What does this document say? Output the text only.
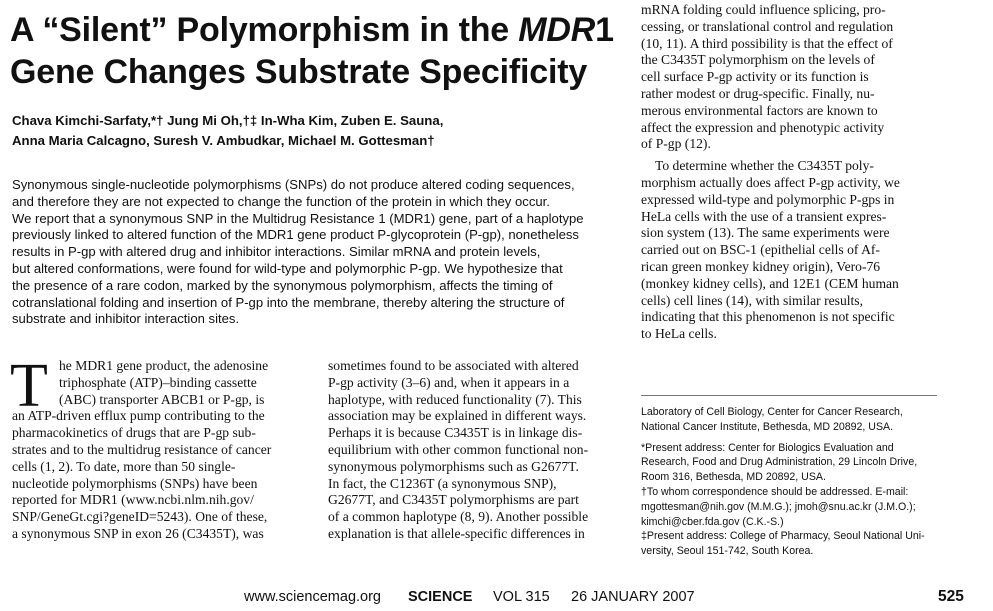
A “Silent” Polymorphism in the MDR1
Gene Changes Substrate Specificity
Chava Kimchi-Sarfaty,*† Jung Mi Oh,†‡ In-Wha Kim, Zuben E. Sauna,
Anna Maria Calcagno, Suresh V. Ambudkar, Michael M. Gottesman†
Synonymous single-nucleotide polymorphisms (SNPs) do not produce altered coding sequences,
and therefore they are not expected to change the function of the protein in which they occur.
We report that a synonymous SNP in the Multidrug Resistance 1 (MDR1) gene, part of a haplotype
previously linked to altered function of the MDR1 gene product P-glycoprotein (P-gp), nonetheless
results in P-gp with altered drug and inhibitor interactions. Similar mRNA and protein levels,
but altered conformations, were found for wild-type and polymorphic P-gp. We hypothesize that
the presence of a rare codon, marked by the synonymous polymorphism, affects the timing of
cotranslational folding and insertion of P-gp into the membrane, thereby altering the structure of
substrate and inhibitor interaction sites.
T he MDR1 gene product, the adenosine
triphosphate (ATP)–binding cassette
(ABC) transporter ABCB1 or P-gp, is
an ATP-driven efflux pump contributing to the
pharmacokinetics of drugs that are P-gp sub-
strates and to the multidrug resistance of cancer
cells (1, 2). To date, more than 50 single-
nucleotide polymorphisms (SNPs) have been
reported for MDR1 (www.ncbi.nlm.nih.gov/
SNP/GeneGt.cgi?geneID=5243). One of these,
a synonymous SNP in exon 26 (C3435T), was
sometimes found to be associated with altered
P-gp activity (3–6) and, when it appears in a
haplotype, with reduced functionality (7). This
association may be explained in different ways.
Perhaps it is because C3435T is in linkage dis-
equilibrium with other common functional non-
synonymous polymorphisms such as G2677T.
In fact, the C1236T (a synonymous SNP),
G2677T, and C3435T polymorphisms are part
of a common haplotype (8, 9). Another possible
explanation is that allele-specific differences in
mRNA folding could influence splicing, pro-
cessing, or translational control and regulation
(10, 11). A third possibility is that the effect of
the C3435T polymorphism on the levels of
cell surface P-gp activity or its function is
rather modest or drug-specific. Finally, nu-
merous environmental factors are known to
affect the expression and phenotypic activity
of P-gp (12).
To determine whether the C3435T poly-
morphism actually does affect P-gp activity, we
expressed wild-type and polymorphic P-gps in
HeLa cells with the use of a transient expres-
sion system (13). The same experiments were
carried out on BSC-1 (epithelial cells of Af-
rican green monkey kidney origin), Vero-76
(monkey kidney cells), and 12E1 (CEM human
cells) cell lines (14), with similar results,
indicating that this phenomenon is not specific
to HeLa cells.
Laboratory of Cell Biology, Center for Cancer Research,
National Cancer Institute, Bethesda, MD 20892, USA.
*Present address: Center for Biologics Evaluation and
Research, Food and Drug Administration, 29 Lincoln Drive,
Room 316, Bethesda, MD 20892, USA.
†To whom correspondence should be addressed. E-mail:
mgottesman@nih.gov (M.M.G.); jmoh@snu.ac.kr (J.M.O.);
kimchi@cber.fda.gov (C.K.-S.)
‡Present address: College of Pharmacy, Seoul National Uni-
versity, Seoul 151-742, South Korea.
www.sciencemag.org SCIENCE VOL 315 26 JANUARY 2007	525
